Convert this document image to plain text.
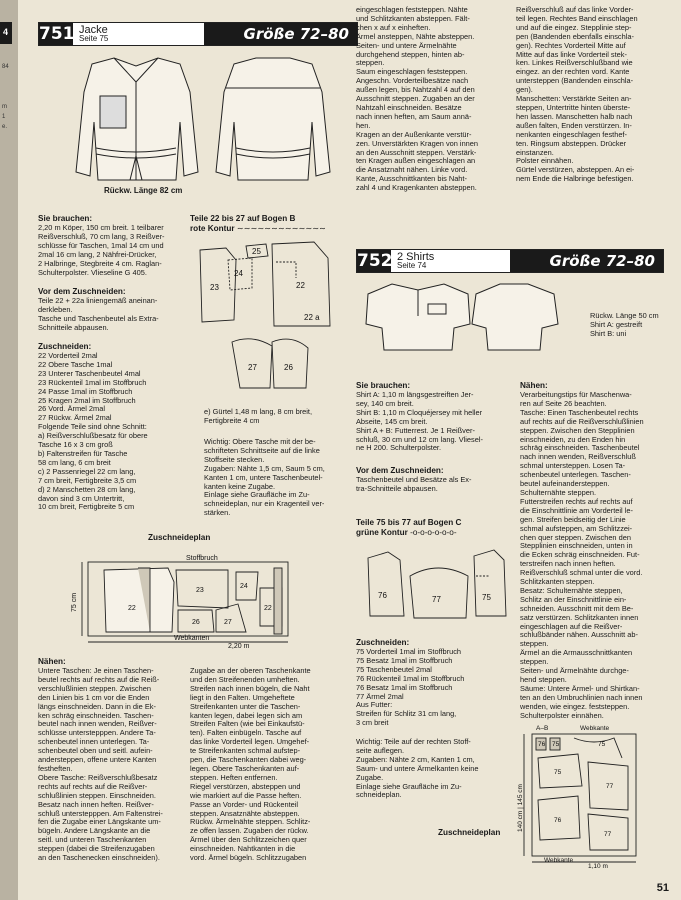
4
84
m
1
e.
751 Jacke
Seite 75	Größe 72–80
Rückw. Länge 82 cm
Sie brauchen:
2,20 m Köper, 150 cm breit. 1 teilbarer
Reißverschluß, 70 cm lang, 3 Reißver-
schlüsse für Taschen, 1mal 14 cm und
2mal 16 cm lang, 2 Nähfrei-Drücker,
2 Halbringe, Stegbreite 4 cm. Raglan-
Schulterpolster. Vlieseline G 405.
Vor dem Zuschneiden:
Teile 22 + 22a liniengemäß aneinan-
derkleben.
Tasche und Taschenbeutel als Extra-
Schnitteile abpausen.
Zuschneiden:
22 Vorderteil 2mal
22 Obere Tasche 1mal
23 Unterer Taschenbeutel 4mal
23 Rückenteil 1mal im Stoffbruch
24 Passe 1mal im Stoffbruch
25 Kragen 2mal im Stoffbruch
26 Vord. Ärmel 2mal
27 Rückw. Ärmel 2mal
Folgende Teile sind ohne Schnitt:
a) Reißverschlußbesatz für obere
Tasche 16 x 3 cm groß
b) Faltenstreifen für Tasche
58 cm lang, 6 cm breit
c) 2 Passenriegel 22 cm lang,
7 cm breit, Fertigbreite 3,5 cm
d) 2 Manschetten 28 cm lang,
davon sind 3 cm Untertritt,
10 cm breit, Fertigbreite 5 cm
Teile 22 bis 27 auf Bogen B
rote Kontur ∼∼∼∼∼∼∼∼∼∼∼∼∼
23
24
25
22
22 a
27	26
e) Gürtel 1,48 m lang, 8 cm breit,
Fertigbreite 4 cm
Wichtig: Obere Tasche mit der be-
schrifteten Schnittseite auf die linke
Stoffseite stecken.
Zugaben: Nähte 1,5 cm, Saum 5 cm,
Kanten 1 cm, untere Taschenbeutel-
kanten keine Zugabe.
Einlage siehe Graufläche im Zu-
schneideplan, nur ein Kragenteil ver-
stärken.
Zuschneideplan
22
23
26	27
24
22
Stoffbruch
Webkanten
2,20 m
75 cm
Nähen:
Untere Taschen: Je einen Taschen-
beutel rechts auf rechts auf die Reiß-
verschlußlinien steppen. Zwischen
den Linien bis 1 cm vor die Enden
längs einschneiden. Dann in die Ek-
ken schräg einschneiden. Taschen-
beutel nach innen wenden, Reißver-
schlüsse unterstepppen. Andere Ta-
schenbeutel innen unterlegen. Ta-
schenbeutel oben und seitl. aufein-
andersteppen, offene untere Kanten
festheften.
Obere Tasche: Reißverschlußbesatz
rechts auf rechts auf die Reißver-
schlußlinien steppen. Einschneiden.
Besatz nach innen heften. Reißver-
schluß unterstepppen. Am Faltenstrei-
fen die Zugabe einer Längskante um-
bügeln. Andere Längskante an die
seitl. und unteren Taschenkanten
steppen (dabei die Streifenzugaben
an den Taschenecken einschneiden).
Zugabe an der oberen Taschenkante
und den Streifenenden umheften.
Streifen nach innen bügeln, die Naht
liegt in den Falten. Umgeheftete
Streifenkanten unter die Taschen-
kanten legen, dabei legen sich am
Streifen Falten (wie bei Einkaufstü-
ten). Falten einbügeln. Tasche auf
das linke Vorderteil legen. Umgehef-
te Streifenkanten schmal aufstep-
pen, die Taschenkanten dabei weg-
legen. Obere Taschenkanten auf-
steppen. Heften entfernen.
Riegel verstürzen, absteppen und
wie markiert auf die Passe heften.
Passe an Vorder- und Rückenteil
steppen. Ansatznähte absteppen.
Rückw. Ärmelnähte steppen. Schlitz-
ze offen lassen. Zugaben der rückw.
Ärmel über den Schlitzzeichen quer
einschneiden. Nahtkanten in die
vord. Ärmel bügeln. Schlitzzugaben
eingeschlagen feststeppen. Nähte
und Schlitzkanten absteppen. Fält-
chen x auf x einheften.
Ärmel ansteppen, Nähte absteppen.
Seiten- und untere Ärmelnähte
durchgehend steppen, hinten ab-
steppen.
Saum eingeschlagen feststeppen.
Angeschn. Vorderteilbesätze nach
außen legen, bis Nahtzahl 4 auf den
Ausschnitt steppen. Zugaben an der
Nahtzahl einschneiden. Besätze
nach innen heften, am Saum annä-
hen.
Kragen an der Außenkante verstür-
zen. Unverstärkten Kragen von innen
an den Ausschnitt steppen. Verstärk-
ten Kragen außen eingeschlagen an
die Ansatznaht nähen. Linke vord.
Kante, Ausschnittkanten bis Naht-
zahl 4 und Kragenkanten absteppen.
Reißverschluß auf das linke Vorder-
teil legen. Rechtes Band einschlagen
und auf die eingez. Stepplinie step-
pen (Bandenden ebenfalls einschla-
gen). Rechtes Vorderteil Mitte auf
Mitte auf das linke Vorderteil stek-
ken. Linkes Reißverschlußband wie
eingez. an der rechten vord. Kante
untersteppen (Bandenden einschla-
gen).
Manschetten: Verstärkte Seiten an-
steppen, Untertritte hinten überste-
hen lassen. Manschetten halb nach
außen falten, Enden verstürzen. In-
nenkanten eingeschlagen festhef-
ten. Ringsum absteppen. Drücker
einstanzen.
Polster einnähen.
Gürtel verstürzen, absteppen. An ei-
nem Ende die Halbringe befestigen.
752 2 Shirts
Seite 74	Größe 72–80
Rückw. Länge 50 cm
Shirt A: gestreift
Shirt B: uni
Sie brauchen:
Shirt A: 1,10 m längsgestreiften Jer-
sey, 140 cm breit.
Shirt B: 1,10 m Cloquéjersey mit heller
Abseite, 145 cm breit.
Shirt A + B: Futterrest. Je 1 Reißver-
schluß, 30 cm und 12 cm lang. Vliesel-
ne H 200. Schulterpolster.
Vor dem Zuschneiden:
Taschenbeutel und Besätze als Ex-
tra-Schnitteile abpausen.
Teile 75 bis 77 auf Bogen C
grüne Kontur -o-o-o-o-o-o-
76	77	75
Zuschneiden:
75 Vorderteil 1mal im Stoffbruch
75 Besatz 1mal im Stoffbruch
75 Taschenbeutel 2mal
76 Rückenteil 1mal im Stoffbruch
76 Besatz 1mal im Stoffbruch
77 Ärmel 2mal
Aus Futter:
Streifen für Schlitz 31 cm lang,
3 cm breit
Wichtig: Teile auf der rechten Stoff-
seite auflegen.
Zugaben: Nähte 2 cm, Kanten 1 cm,
Saum- und untere Ärmelkanten keine
Zugabe.
Einlage siehe Graufläche im Zu-
schneideplan.
Zuschneideplan
Nähen:
Verarbeitungstips für Maschenwa-
ren auf Seite 26 beachten.
Tasche: Einen Taschenbeutel rechts
auf rechts auf die Reißverschlußlinien
steppen. Zwischen den Stepplinien
einschneiden, zu den Enden hin
schräg einschneiden. Taschenbeutel
nach innen wenden, Reißverschluß
schmal untersteppen. Losen Ta-
schenbeutel unterlegen. Taschen-
beutel aufeinandersteppen.
Schulternähte steppen.
Futterstreifen rechts auf rechts auf
die Einschnittlinie am Vorderteil le-
gen. Streifen beidseitig der Linie
schmal aufsteppen, am Schlitzzei-
chen quer steppen. Zwischen den
Stepplinien einschneiden, unten in
die Ecken schräg einschneiden. Fut-
terstreifen nach innen heften.
Reißverschluß schmal unter die vord.
Schlitzkanten steppen.
Besatz: Schulternähte steppen,
Schlitz an der Einschnittlinie ein-
schneiden. Ausschnitt mit dem Be-
satz verstürzen. Schlitzkanten innen
eingeschlagen auf die Reißver-
schlußbänder nähen. Ausschnitt ab-
steppen.
Ärmel an die Armausschnittkanten
steppen.
Seiten- und Ärmelnähte durchge-
hend steppen.
Säume: Untere Ärmel- und Shirtkan-
ten an den Umbruchlinien nach innen
wenden, wie eingez. feststeppen.
Schulterpolster einnähen.
76 75	75
75
77
76
77
A–B	Webkante
Webkante
1,10 m
140 cm | 145 cm
51
